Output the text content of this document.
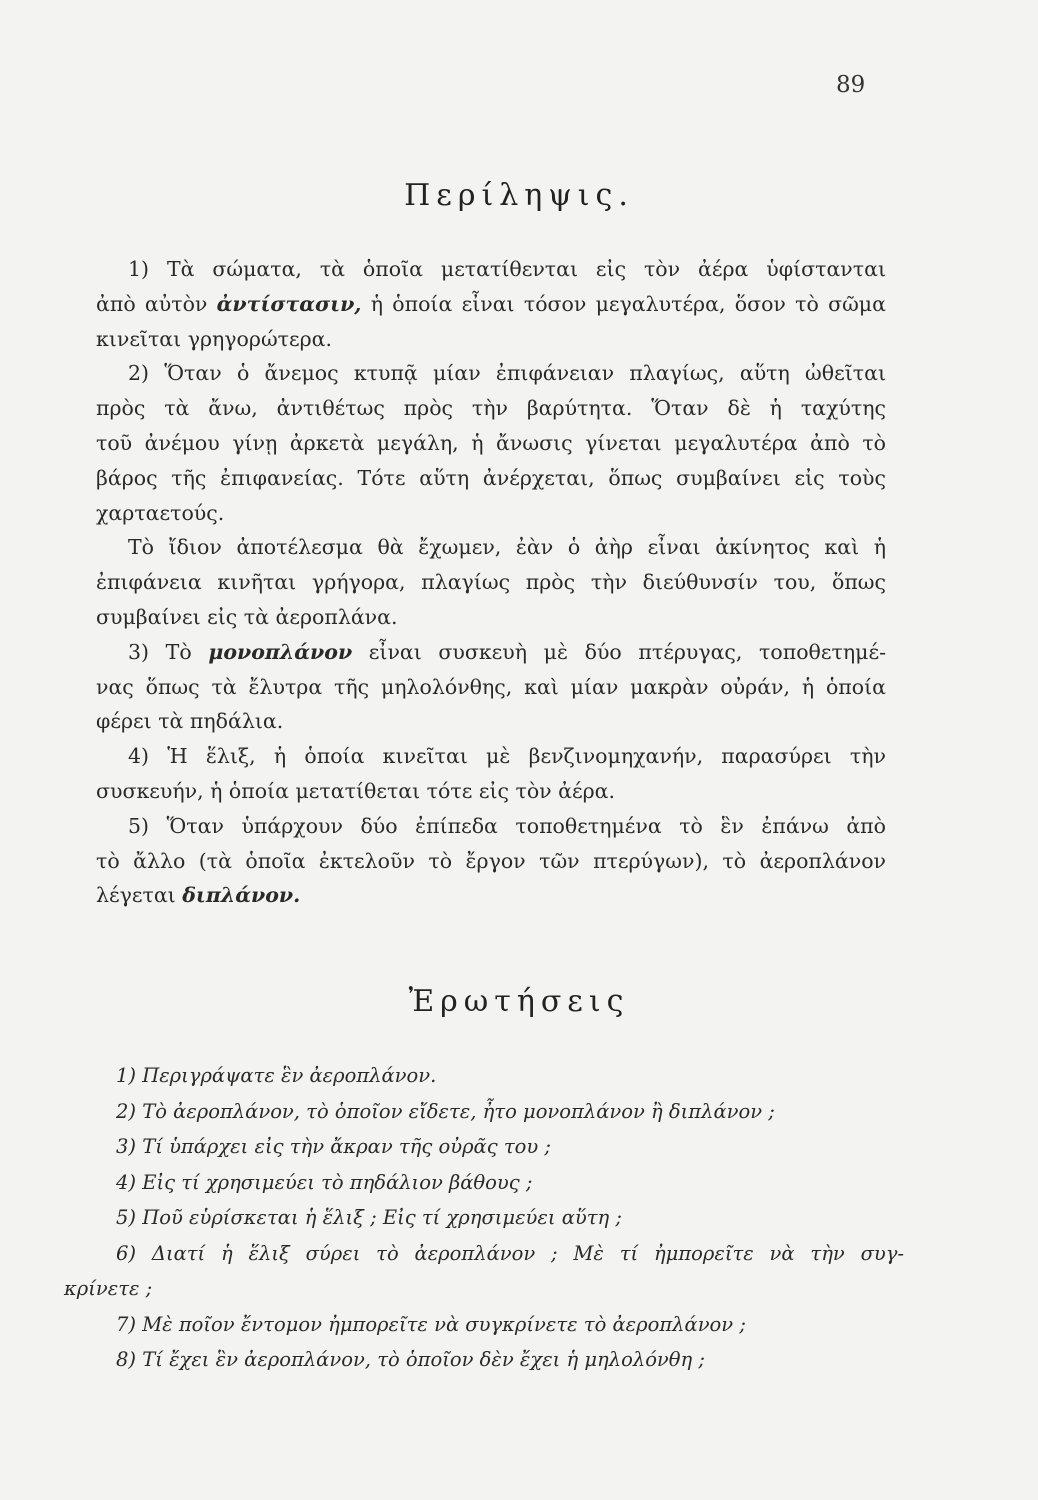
89
Περίληψις.
1) Τὰ σώματα, τὰ ὁποῖα μετατίθενται εἰς τὸν ἀέρα ὑφίστανται
ἀπὸ αὐτὸν ἀντίστασιν, ἡ ὁποία εἶναι τόσον μεγαλυτέρα, ὅσον τὸ σῶμα
κινεῖται γρηγορώτερα.
2) Ὅταν ὁ ἄνεμος κτυπᾷ μίαν ἐπιφάνειαν πλαγίως, αὕτη ὠθεῖται
πρὸς τὰ ἄνω, ἀντιθέτως πρὸς τὴν βαρύτητα. Ὅταν δὲ ἡ ταχύτης
τοῦ ἀνέμου γίνῃ ἀρκετὰ μεγάλη, ἡ ἄνωσις γίνεται μεγαλυτέρα ἀπὸ τὸ
βάρος τῆς ἐπιφανείας. Τότε αὕτη ἀνέρχεται, ὅπως συμβαίνει εἰς τοὺς
χαρταετούς.
Τὸ ἴδιον ἀποτέλεσμα θὰ ἔχωμεν, ἐὰν ὁ ἀὴρ εἶναι ἀκίνητος καὶ ἡ
ἐπιφάνεια κινῆται γρήγορα, πλαγίως πρὸς τὴν διεύθυνσίν του, ὅπως
συμβαίνει εἰς τὰ ἀεροπλάνα.
3) Τὸ μονοπλάνον εἶναι συσκευὴ μὲ δύο πτέρυγας, τοποθετημέ-
νας ὅπως τὰ ἔλυτρα τῆς μηλολόνθης, καὶ μίαν μακρὰν οὐράν, ἡ ὁποία
φέρει τὰ πηδάλια.
4) Ἡ ἕλιξ, ἡ ὁποία κινεῖται μὲ βενζινομηχανήν, παρασύρει τὴν
συσκευήν, ἡ ὁποία μετατίθεται τότε εἰς τὸν ἀέρα.
5) Ὅταν ὑπάρχουν δύο ἐπίπεδα τοποθετημένα τὸ ἓν ἐπάνω ἀπὸ
τὸ ἄλλο (τὰ ὁποῖα ἐκτελοῦν τὸ ἔργον τῶν πτερύγων), τὸ ἀεροπλάνον
λέγεται διπλάνον.
Ἐρωτήσεις
1) Περιγράψατε ἓν ἀεροπλάνον.
2) Τὸ ἀεροπλάνον, τὸ ὁποῖον εἴδετε, ἦτο μονοπλάνον ἢ διπλάνον ;
3) Τί ὑπάρχει εἰς τὴν ἄκραν τῆς οὐρᾶς του ;
4) Εἰς τί χρησιμεύει τὸ πηδάλιον βάθους ;
5) Ποῦ εὑρίσκεται ἡ ἕλιξ ; Εἰς τί χρησιμεύει αὕτη ;
6) Διατί ἡ ἕλιξ σύρει τὸ ἀεροπλάνον ; Μὲ τί ἠμπορεῖτε νὰ τὴν συγ-
κρίνετε ;
7) Μὲ ποῖον ἔντομον ἠμπορεῖτε νὰ συγκρίνετε τὸ ἀεροπλάνον ;
8) Τί ἔχει ἓν ἀεροπλάνον, τὸ ὁποῖον δὲν ἔχει ἡ μηλολόνθη ;
